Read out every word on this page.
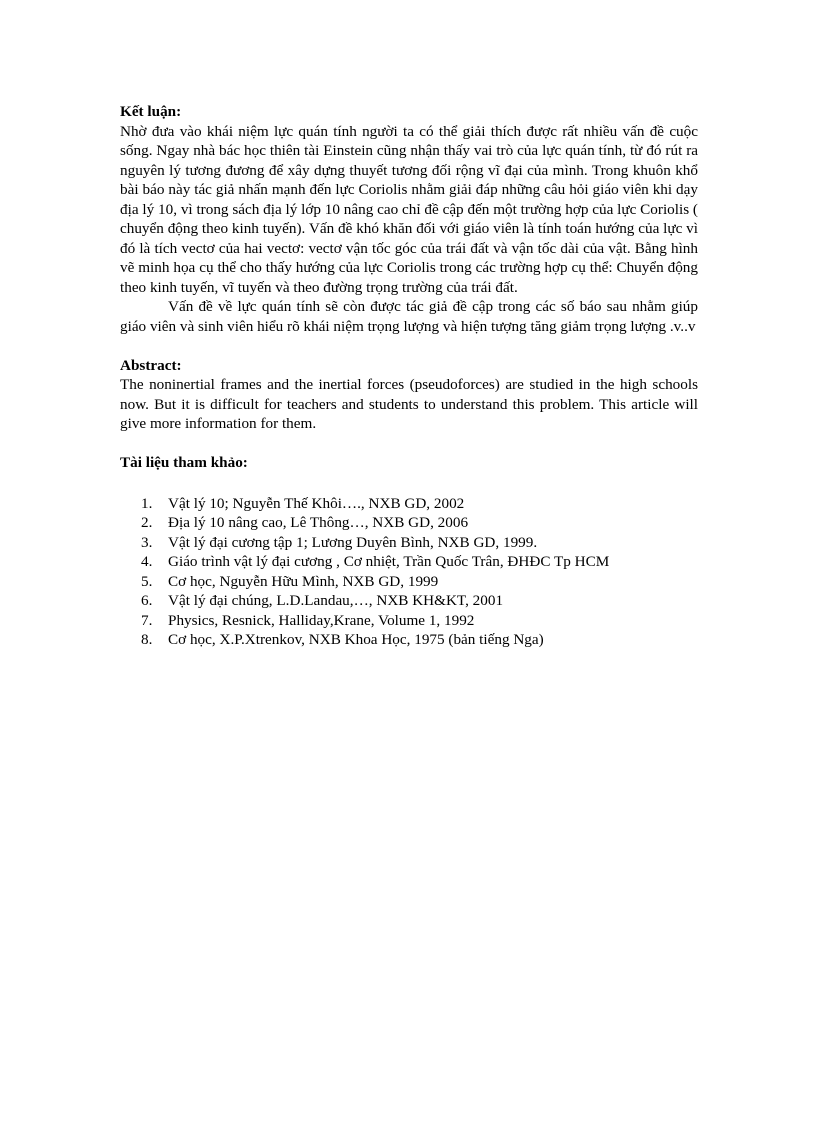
Kết luận:

Nhờ đưa vào khái niệm lực quán tính người ta có thể giải thích được rất nhiều vấn đề cuộc sống. Ngay nhà bác học thiên tài Einstein cũng nhận thấy vai trò của lực quán tính, từ đó rút ra nguyên lý tương đương để xây dựng thuyết tương đối rộng vĩ đại của mình. Trong khuôn khổ bài báo này tác giả nhấn mạnh đến lực Coriolis nhằm giải đáp những câu hỏi giáo viên khi dạy địa lý 10, vì trong sách địa lý lớp 10 nâng cao chỉ đề cập đến một trường hợp của lực Coriolis ( chuyển động theo kinh tuyến). Vấn đề khó khăn đối với giáo viên là tính toán hướng của lực vì đó là tích vectơ của hai vectơ: vectơ vận tốc góc của trái đất và vận tốc dài của vật. Bằng hình vẽ minh họa cụ thể cho thấy hướng của lực Coriolis trong các trường hợp cụ thể: Chuyển động theo kinh tuyến, vĩ tuyến và theo đường trọng trường của trái đất.

Vấn đề về lực quán tính sẽ còn được tác giả đề cập trong các số báo sau nhằm giúp giáo viên và sinh viên hiểu rõ khái niệm trọng lượng và hiện tượng tăng giảm trọng lượng .v..v

Abstract:

The noninertial frames and the inertial forces (pseudoforces) are studied in the high schools now. But it is difficult for teachers and students to understand this problem. This article will give more information for them.

Tài liệu tham khảo:

1. Vật lý 10; Nguyễn Thế Khôi…., NXB GD, 2002
2. Địa lý 10 nâng cao, Lê Thông…, NXB GD, 2006
3. Vật lý đại cương tập 1; Lương Duyên Bình, NXB GD, 1999.
4. Giáo trình vật lý đại cương , Cơ nhiệt, Trần Quốc Trân, ĐHĐC Tp HCM
5. Cơ học, Nguyễn Hữu Mình, NXB GD, 1999
6. Vật lý đại chúng, L.D.Landau,…, NXB KH&KT, 2001
7. Physics, Resnick, Halliday,Krane, Volume 1, 1992
8. Cơ học, X.P.Xtrenkov, NXB Khoa Học, 1975 (bản tiếng Nga)
